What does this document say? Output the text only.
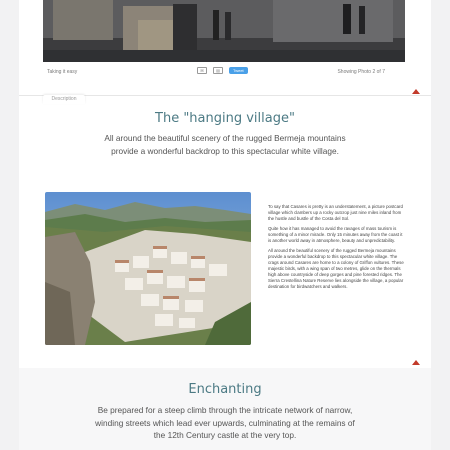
Taking it easy	✉	▤	Tweet	Showing Photo 2 of 7
Description
The "hanging village"
All around the beautiful scenery of the rugged Bermeja mountains provide a wonderful backdrop to this spectacular white village.

To say that Casares is pretty is an understatement, a picture postcard village which clambers up a rocky outcrop just nine miles inland from the hustle and bustle of the Costa del Sol.

Quite how it has managed to avoid the ravages of mass tourism is something of a minor miracle. Only 15 minutes away from the coast it is another world away in atmosphere, beauty and unpredictability.

All around the beautiful scenery of the rugged Bermeja mountains provide a wonderful backdrop to this spectacular white village. The crags around Casares are home to a colony of Griffon vultures. These majestic birds, with a wing span of two metres, glide on the thermals high above countryside of deep gorges and pine forested ridges. The Sierra Crestellina Nature Reserve lies alongside the village, a popular destination for birdwatchers and walkers.

Enchanting
Be prepared for a steep climb through the intricate network of narrow, winding streets which lead ever upwards, culminating at the remains of the 12th Century castle at the very top.
